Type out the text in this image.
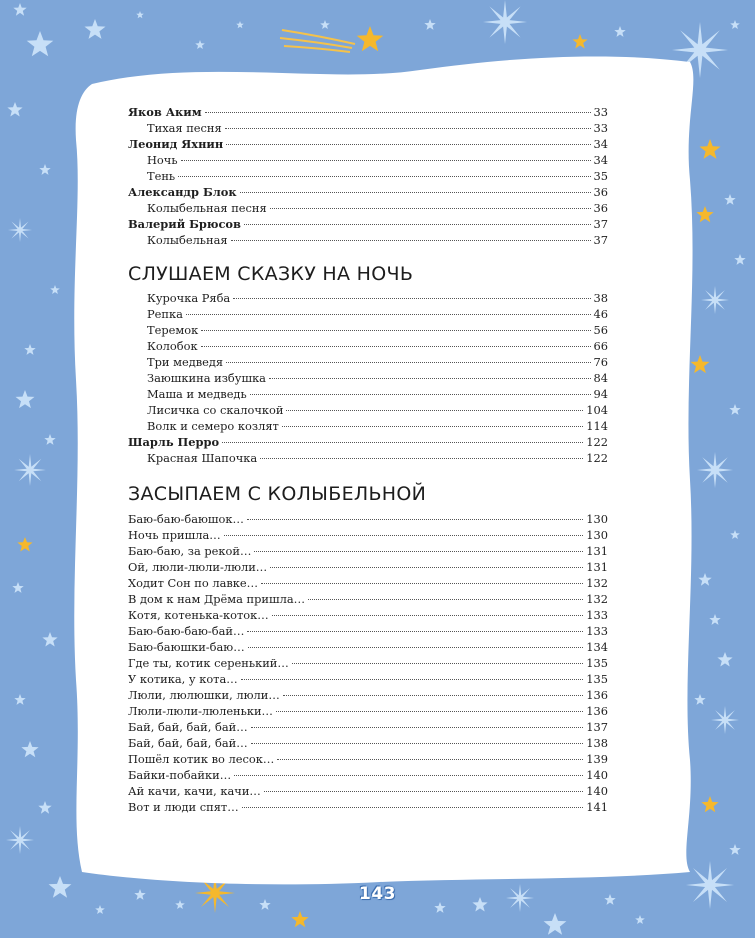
Яков Аким	33
Тихая песня	33
Леонид Яхнин	34
Ночь	34
Тень	35
Александр Блок	36
Колыбельная песня	36
Валерий Брюсов	37
Колыбельная	37
СЛУШАЕМ СКАЗКУ НА НОЧЬ
Курочка Ряба	38
Репка	46
Теремок	56
Колобок	66
Три медведя	76
Заюшкина избушка	84
Маша и медведь	94
Лисичка со скалочкой	104
Волк и семеро козлят	114
Шарль Перро	122
Красная Шапочка	122
ЗАСЫПАЕМ С КОЛЫБЕЛЬНОЙ
Баю-баю-баюшок…	130
Ночь пришла…	130
Баю-баю, за рекой…	131
Ой, люли-люли-люли…	131
Ходит Сон по лавке…	132
В дом к нам Дрёма пришла…	132
Котя, котенька-коток…	133
Баю-баю-баю-бай…	133
Баю-баюшки-баю…	134
Где ты, котик серенький…	135
У котика, у кота…	135
Люли, люлюшки, люли…	136
Люли-люли-люленьки…	136
Бай, бай, бай, бай…	137
Бай, бай, бай, бай…	138
Пошёл котик во лесок…	139
Байки-побайки…	140
Ай качи, качи, качи…	140
Вот и люди спят…	141
143
